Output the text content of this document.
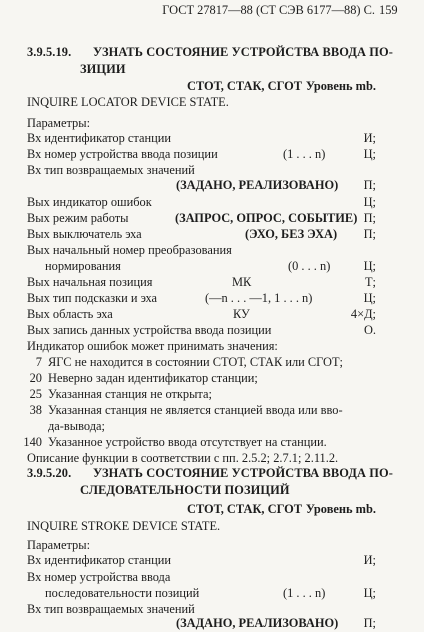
ГОСТ 27817—88 (СТ СЭВ 6177—88) С. 159
3.9.5.19. УЗНАТЬ СОСТОЯНИЕ УСТРОЙСТВА ВВОДА ПО-
ЗИЦИИ
СТОТ, СТАК, СГОТ Уровень mb.
INQUIRE LOCATOR DEVICE STATE.
Параметры:
Вх идентификатор станции	И;
Вх номер устройства ввода позиции	(1 . . . n)	Ц;
Вх тип возвращаемых значений
(ЗАДАНО, РЕАЛИЗОВАНО)	П;
Вых индикатор ошибок	Ц;
Вых режим работы	(ЗАПРОС, ОПРОС, СОБЫТИЕ) П;
Вых выключатель эха	(ЭХО, БЕЗ ЭХА)	П;
Вых начальный номер преобразования
нормирования	(0 . . . n)	Ц;
Вых начальная позиция	МК	Т;
Вых тип подсказки и эха	(—n . . . —1, 1 . . . n)	Ц;
Вых область эха	КУ	4×Д;
Вых запись данных устройства ввода позиции	О.
Индикатор ошибок может принимать значения:
7 ЯГС не находится в состоянии СТОТ, СТАК или СГОТ;
20 Неверно задан идентификатор станции;
25 Указанная станция не открыта;
38 Указанная станция не является станцией ввода или вво-
да-вывода;
140 Указанное устройство ввода отсутствует на станции.
Описание функции в соответствии с пп. 2.5.2; 2.7.1; 2.11.2.
3.9.5.20. УЗНАТЬ СОСТОЯНИЕ УСТРОЙСТВА ВВОДА ПО-
СЛЕДОВАТЕЛЬНОСТИ ПОЗИЦИЙ
СТОТ, СТАК, СГОТ Уровень mb.
INQUIRE STROKE DEVICE STATE.
Параметры:
Вх идентификатор станции	И;
Вх номер устройства ввода
последовательности позиций	(1 . . . n)	Ц;
Вх тип возвращаемых значений
(ЗАДАНО, РЕАЛИЗОВАНО)	П;
